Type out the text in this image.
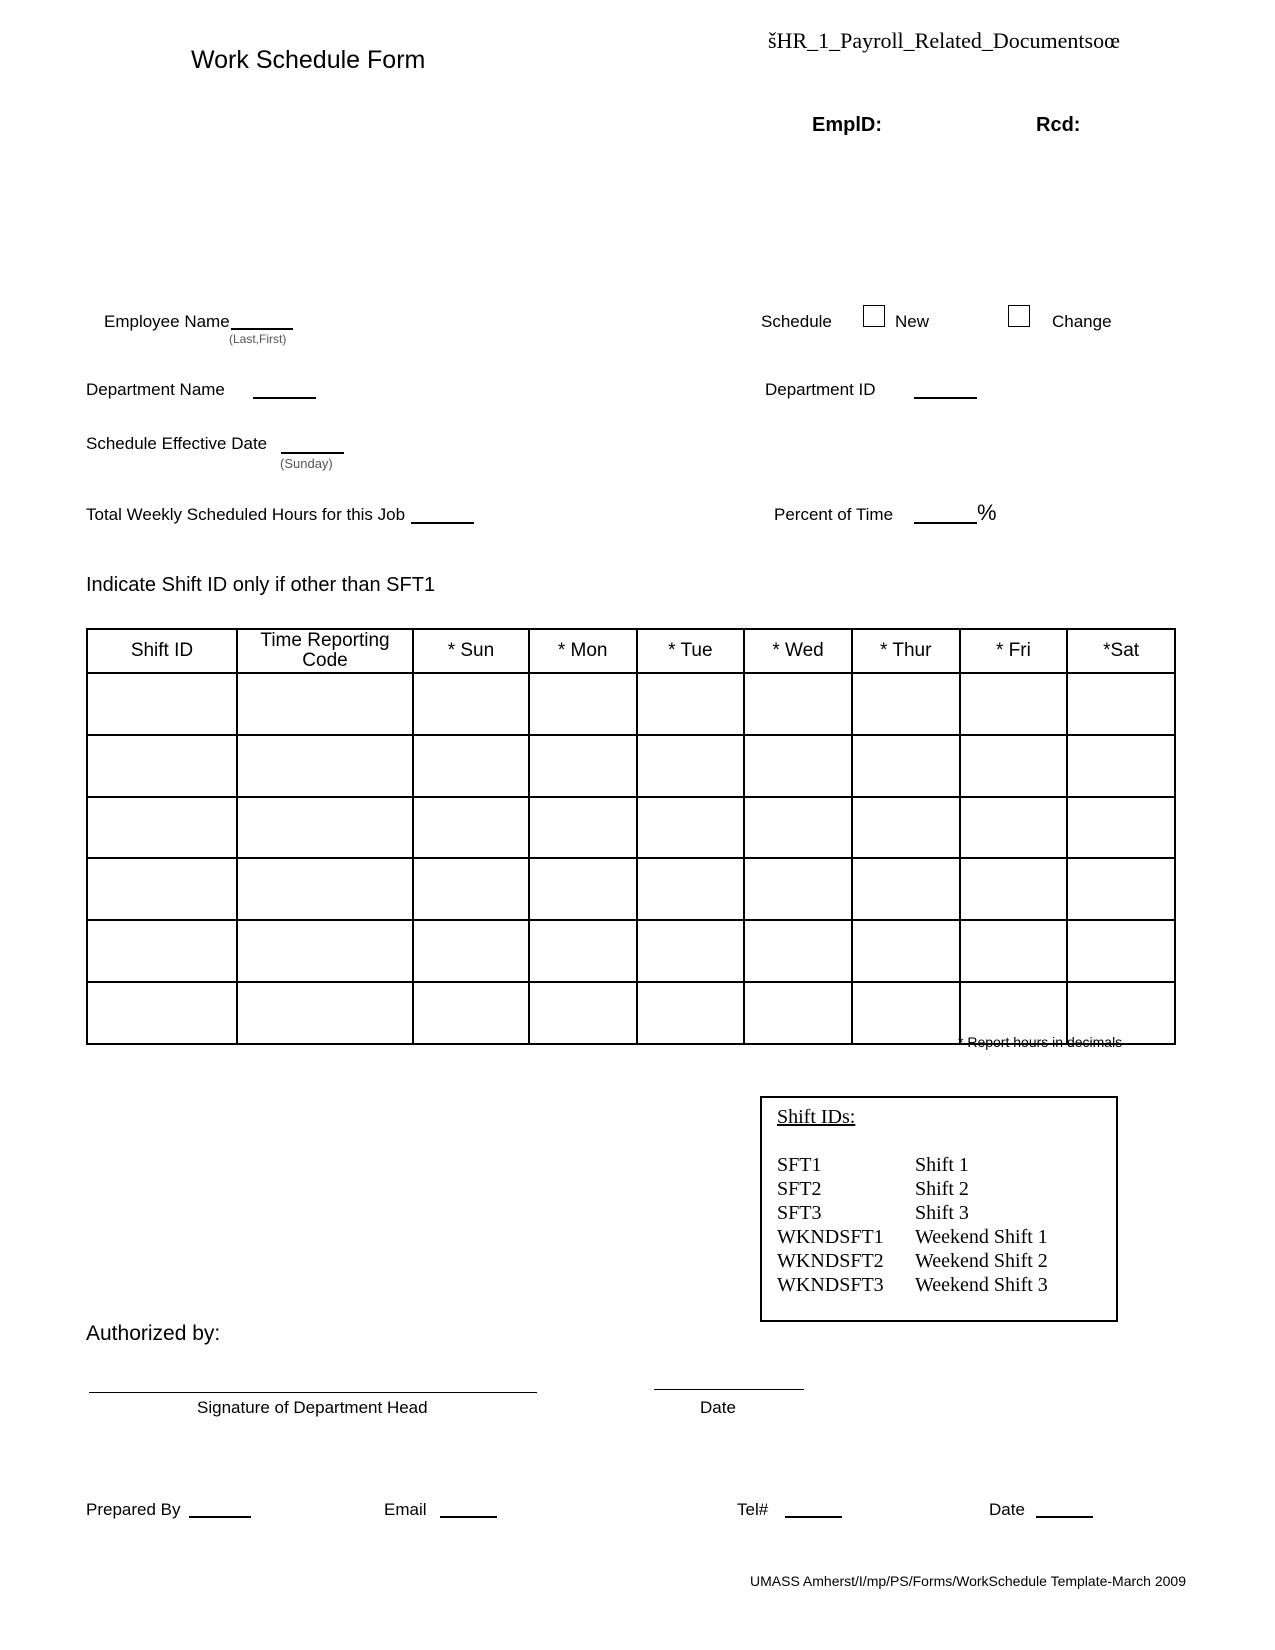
Work Schedule Form
šHR_1_Payroll_Related_Documentsoœ
EmplD:	Rcd:
Employee Name
(Last,First)
Schedule	New	Change
Department Name	Department ID
Schedule Effective Date
(Sunday)
Total Weekly Scheduled Hours for this Job	Percent of Time	%
Indicate Shift ID only if other than SFT1
Shift ID	Time Reporting Code	* Sun	* Mon	* Tue	* Wed	* Thur	* Fri	*Sat

* Report hours in decimals
Shift IDs:
SFT1	Shift 1
SFT2	Shift 2
SFT3	Shift 3
WKNDSFT1 Weekend Shift 1
WKNDSFT2 Weekend Shift 2
WKNDSFT3 Weekend Shift 3
Authorized by:
Signature of Department Head	Date
Prepared By	Email	Tel#	Date
UMASS Amherst/I/mp/PS/Forms/WorkSchedule Template-March 2009
